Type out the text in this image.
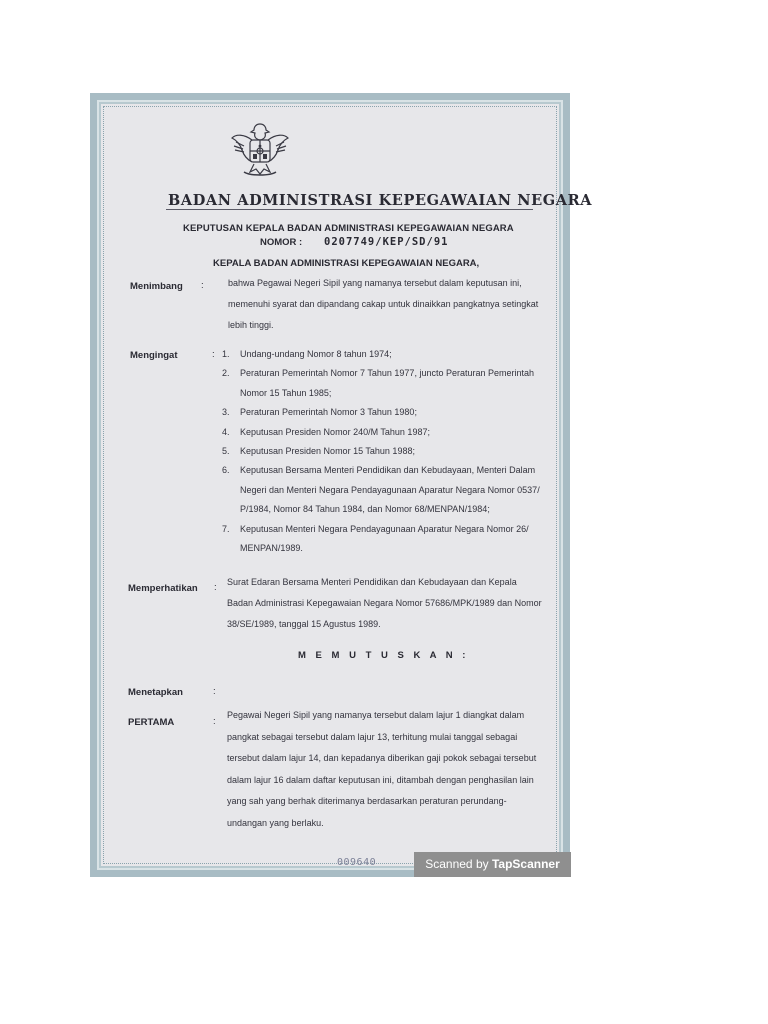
BADAN ADMINISTRASI KEPEGAWAIAN NEGARA
KEPUTUSAN KEPALA BADAN ADMINISTRASI KEPEGAWAIAN NEGARA
NOMOR : 0207749/KEP/SD/91
KEPALA BADAN ADMINISTRASI KEPEGAWAIAN NEGARA,
Menimbang :	bahwa Pegawai Negeri Sipil yang namanya tersebut dalam keputusan ini,

memenuhi syarat dan dipandang cakap untuk dinaikkan pangkatnya setingkat

lebih tinggi.

Mengingat	: 1.	Undang-undang Nomor 8 tahun 1974;

2.	Peraturan Pemerintah Nomor 7 Tahun 1977, juncto Peraturan Pemerintah

Nomor 15 Tahun 1985;

3.	Peraturan Pemerintah Nomor 3 Tahun 1980;

4.	Keputusan Presiden Nomor 240/M Tahun 1987;

5.	Keputusan Presiden Nomor 15 Tahun 1988;

6.	Keputusan Bersama Menteri Pendidikan dan Kebudayaan, Menteri Dalam

Negeri dan Menteri Negara Pendayagunaan Aparatur Negara Nomor 0537/

P/1984, Nomor 84 Tahun 1984, dan Nomor 68/MENPAN/1984;

7.	Keputusan Menteri Negara Pendayagunaan Aparatur Negara Nomor 26/

MENPAN/1989.

Memperhatikan : Surat Edaran Bersama Menteri Pendidikan dan Kebudayaan dan Kepala

Badan Administrasi Kepegawaian Negara Nomor 57686/MPK/1989 dan Nomor

38/SE/1989, tanggal 15 Agustus 1989.

M E M U T U S K A N :
Menetapkan	:
PERTAMA	:

Pegawai Negeri Sipil yang namanya tersebut dalam lajur 1 diangkat dalam

pangkat sebagai tersebut dalam lajur 13, terhitung mulai tanggal sebagai

tersebut dalam lajur 14, dan kepadanya diberikan gaji pokok sebagai tersebut

dalam lajur 16 dalam daftar keputusan ini, ditambah dengan penghasilan lain

yang sah yang berhak diterimanya berdasarkan peraturan perundang-

undangan yang berlaku.

009640	Scanned by TapScanner
